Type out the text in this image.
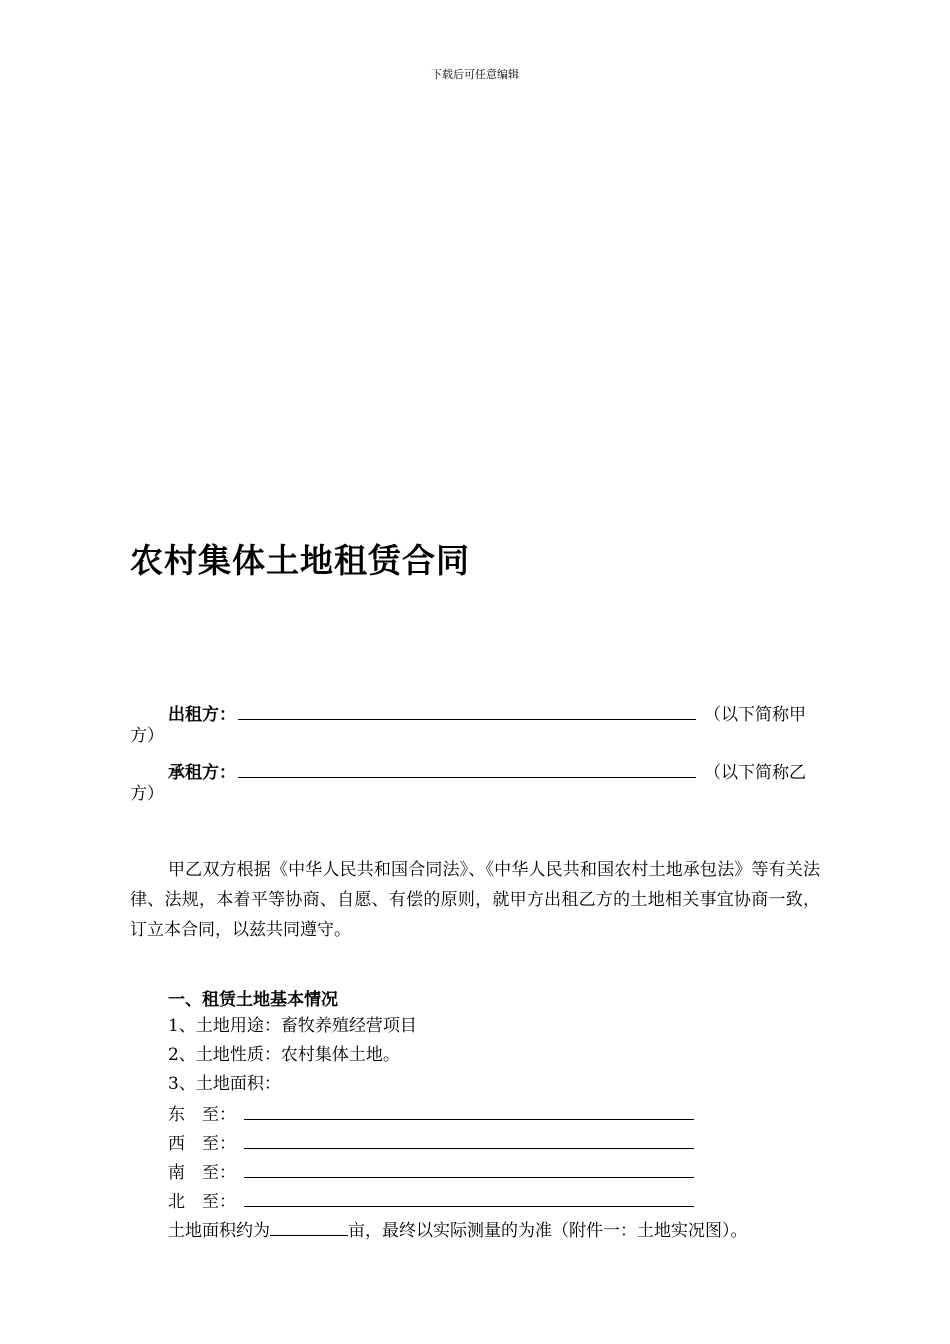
下载后可任意编辑
农村集体土地租赁合同
出租方：	（以下简称甲
方）
承租方：	（以下简称乙
方）

甲乙双方根据《中华人民共和国合同法》、《中华人民共和国农村土地承包法》等有关法律、法规，本着平等协商、自愿、有偿的原则，就甲方出租乙方的土地相关事宜协商一致，订立本合同，以兹共同遵守。

一、租赁土地基本情况
1、土地用途：畜牧养殖经营项目
2、土地性质：农村集体土地。
3、土地面积：
东　至：
西　至：
南　至：
北　至：
土地面积约为	亩，最终以实际测量的为准（附件一：土地实况图）。
